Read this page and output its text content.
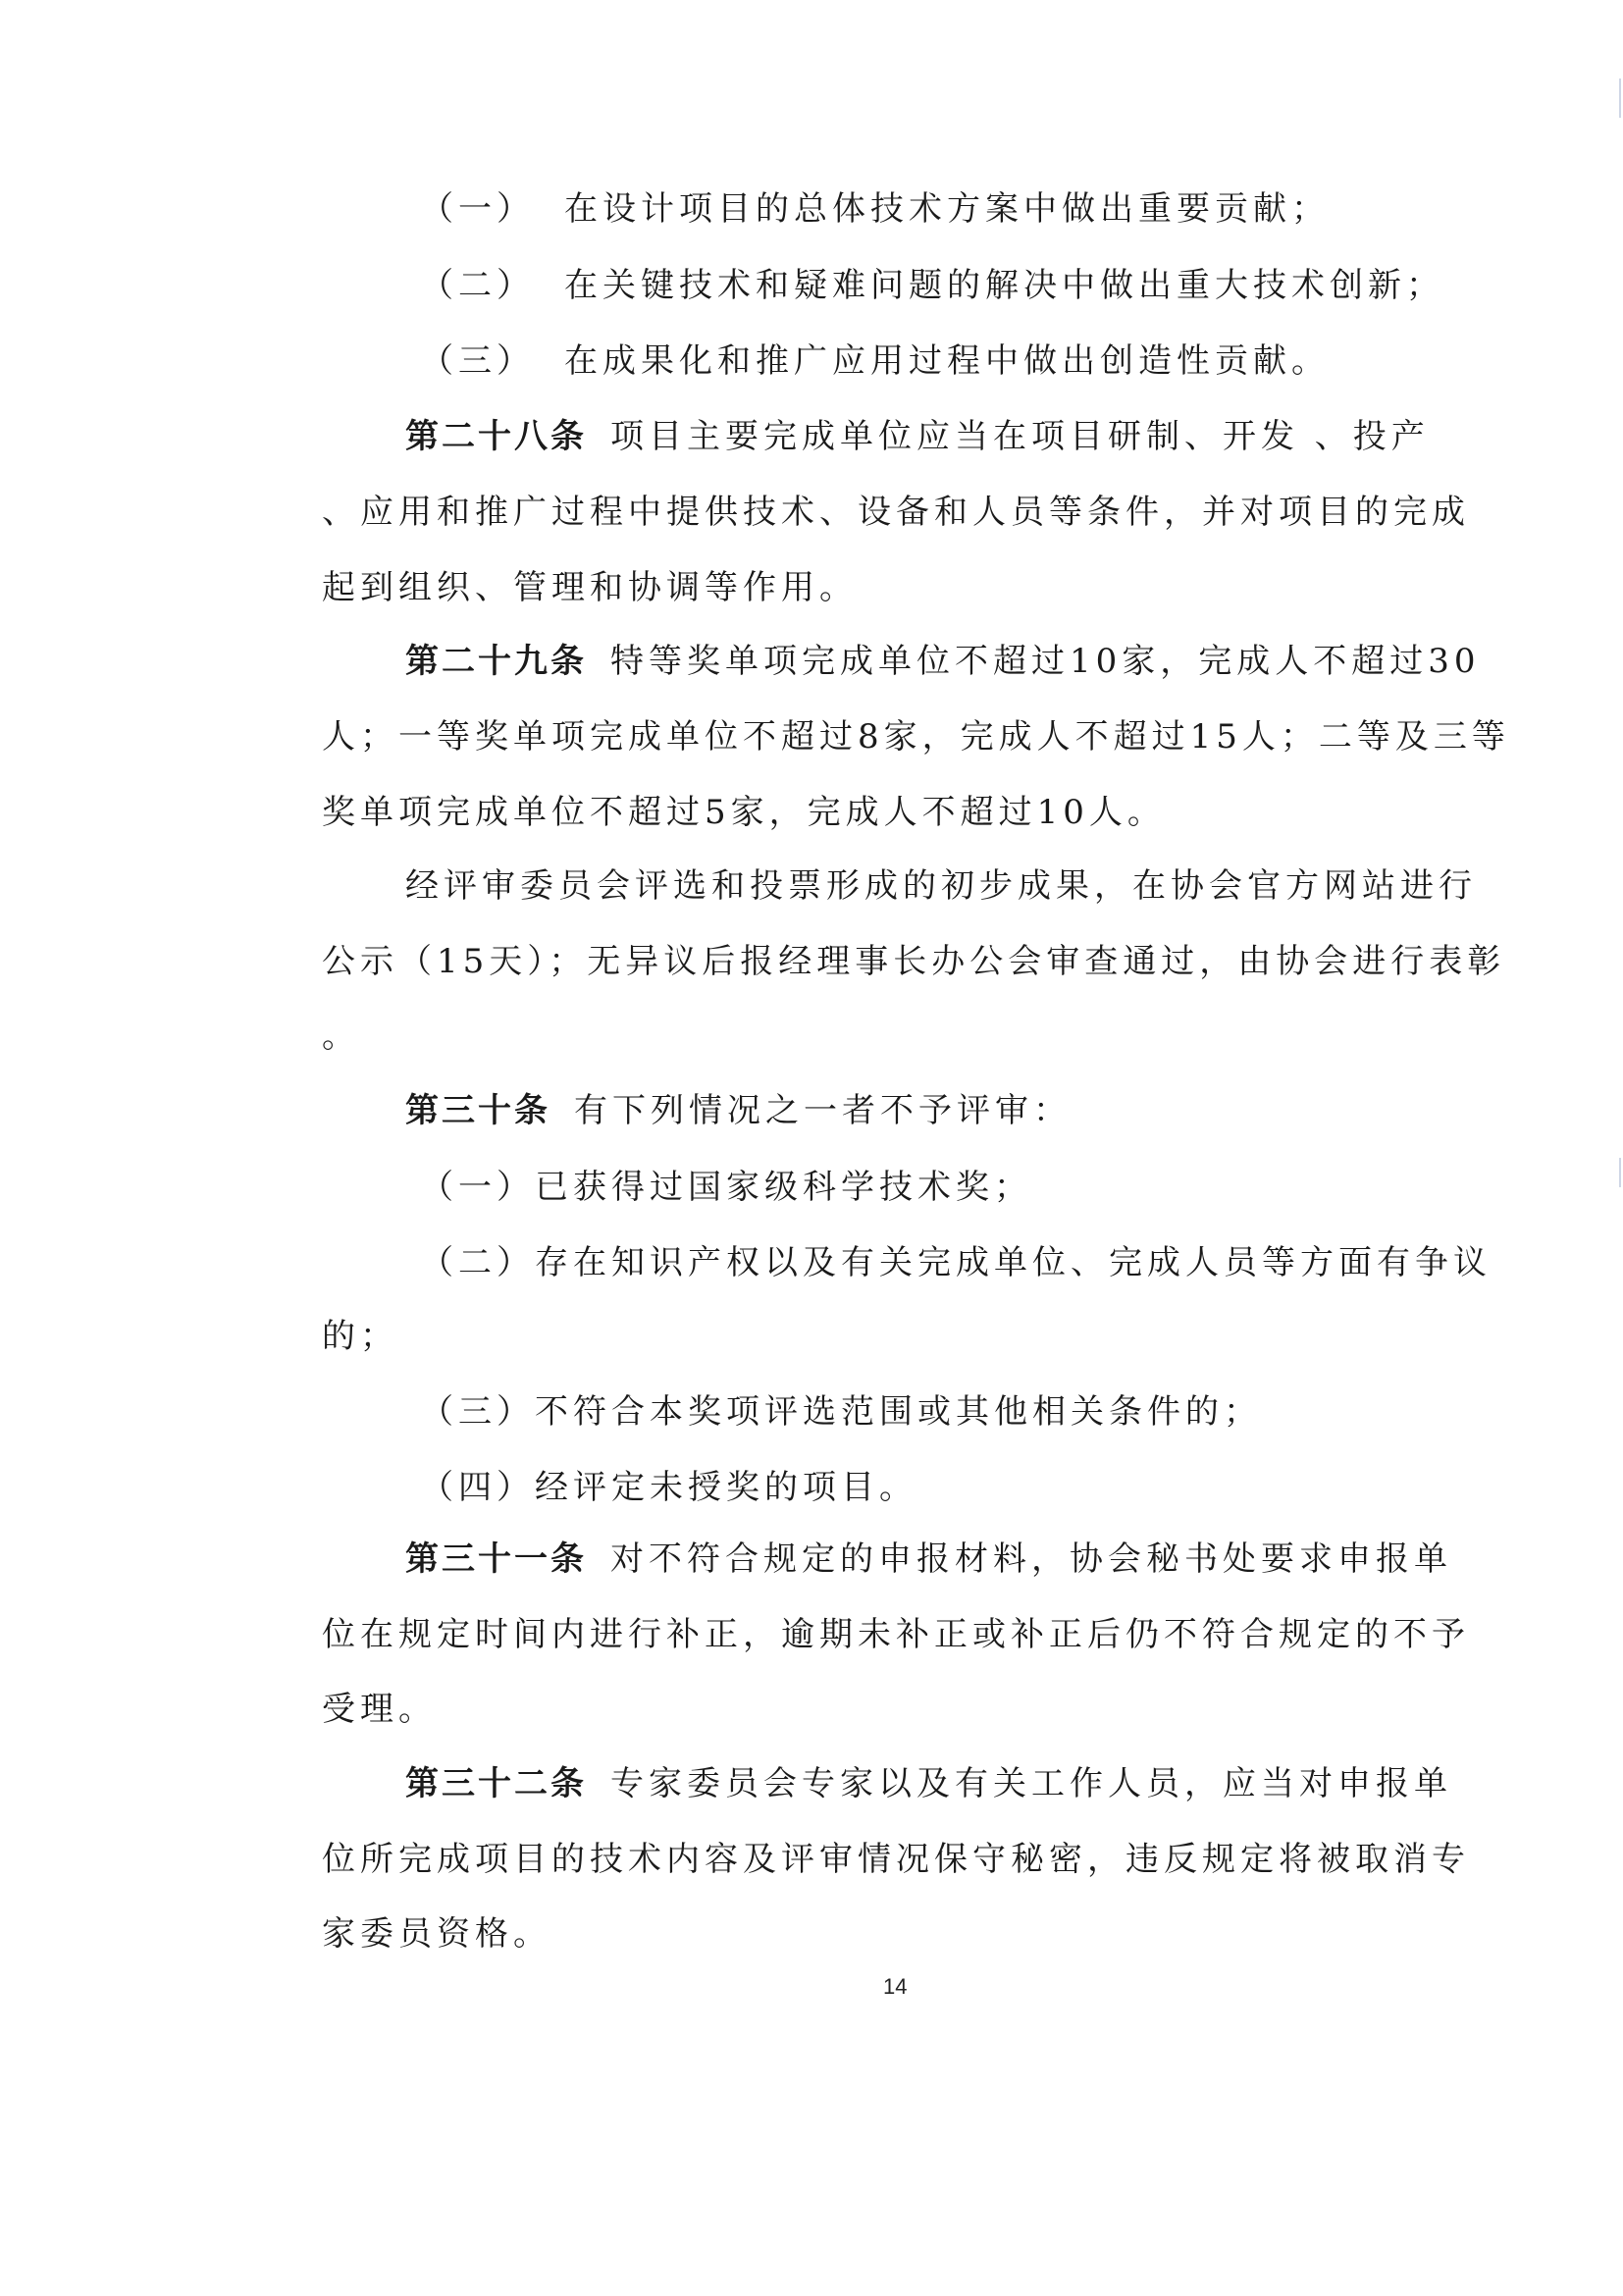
（一） 在设计项目的总体技术方案中做出重要贡献；
（二） 在关键技术和疑难问题的解决中做出重大技术创新；
（三） 在成果化和推广应用过程中做出创造性贡献。
第二十八条 项目主要完成单位应当在项目研制、开发 、投产
、应用和推广过程中提供技术、设备和人员等条件，并对项目的完成
起到组织、管理和协调等作用。
第二十九条 特等奖单项完成单位不超过10家，完成人不超过30
人；一等奖单项完成单位不超过8家，完成人不超过15人；二等及三等
奖单项完成单位不超过5家，完成人不超过10人。
经评审委员会评选和投票形成的初步成果，在协会官方网站进行
公示（15天）；无异议后报经理事长办公会审查通过，由协会进行表彰
。
第三十条 有下列情况之一者不予评审：
（一）已获得过国家级科学技术奖；
（二）存在知识产权以及有关完成单位、完成人员等方面有争议
的；
（三）不符合本奖项评选范围或其他相关条件的；
（四）经评定未授奖的项目。
第三十一条 对不符合规定的申报材料，协会秘书处要求申报单
位在规定时间内进行补正，逾期未补正或补正后仍不符合规定的不予
受理。
第三十二条 专家委员会专家以及有关工作人员，应当对申报单
位所完成项目的技术内容及评审情况保守秘密，违反规定将被取消专
家委员资格。
14
